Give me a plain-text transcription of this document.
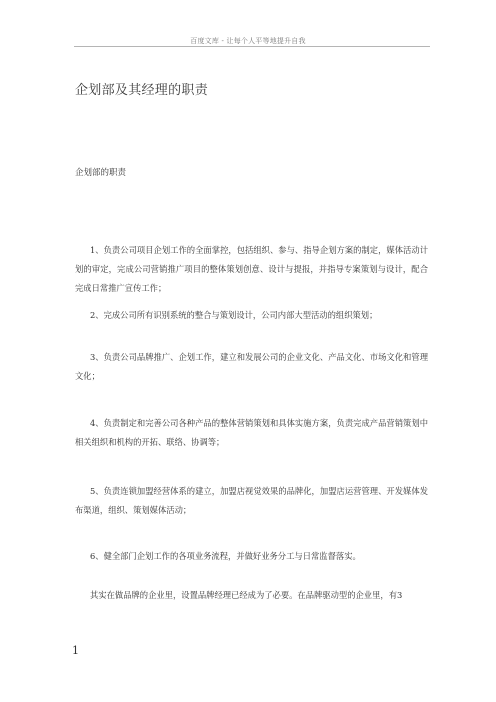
百度文库 - 让每个人平等地提升自我
企划部及其经理的职责
企划部的职责

1、负责公司项目企划工作的全面掌控，包括组织、参与、指导企划方案的制定，媒体活动计划的审定，完成公司营销推广项目的整体策划创意、设计与提报，并指导专案策划与设计，配合完成日常推广宣传工作；

2、完成公司所有识别系统的整合与策划设计，公司内部大型活动的组织策划；

3、负责公司品牌推广、企划工作，建立和发展公司的企业文化、产品文化、市场文化和管理文化；

4、负责制定和完善公司各种产品的整体营销策划和具体实施方案，负责完成产品营销策划中相关组织和机构的开拓、联络、协调等；

5、负责连锁加盟经营体系的建立，加盟店视觉效果的品牌化，加盟店运营管理、开发媒体发布渠道，组织、策划媒体活动；

6、健全部门企划工作的各项业务流程，并做好业务分工与日常监督落实。

其实在做品牌的企业里，设置品牌经理已经成为了必要。在品牌驱动型的企业里，有3

1
